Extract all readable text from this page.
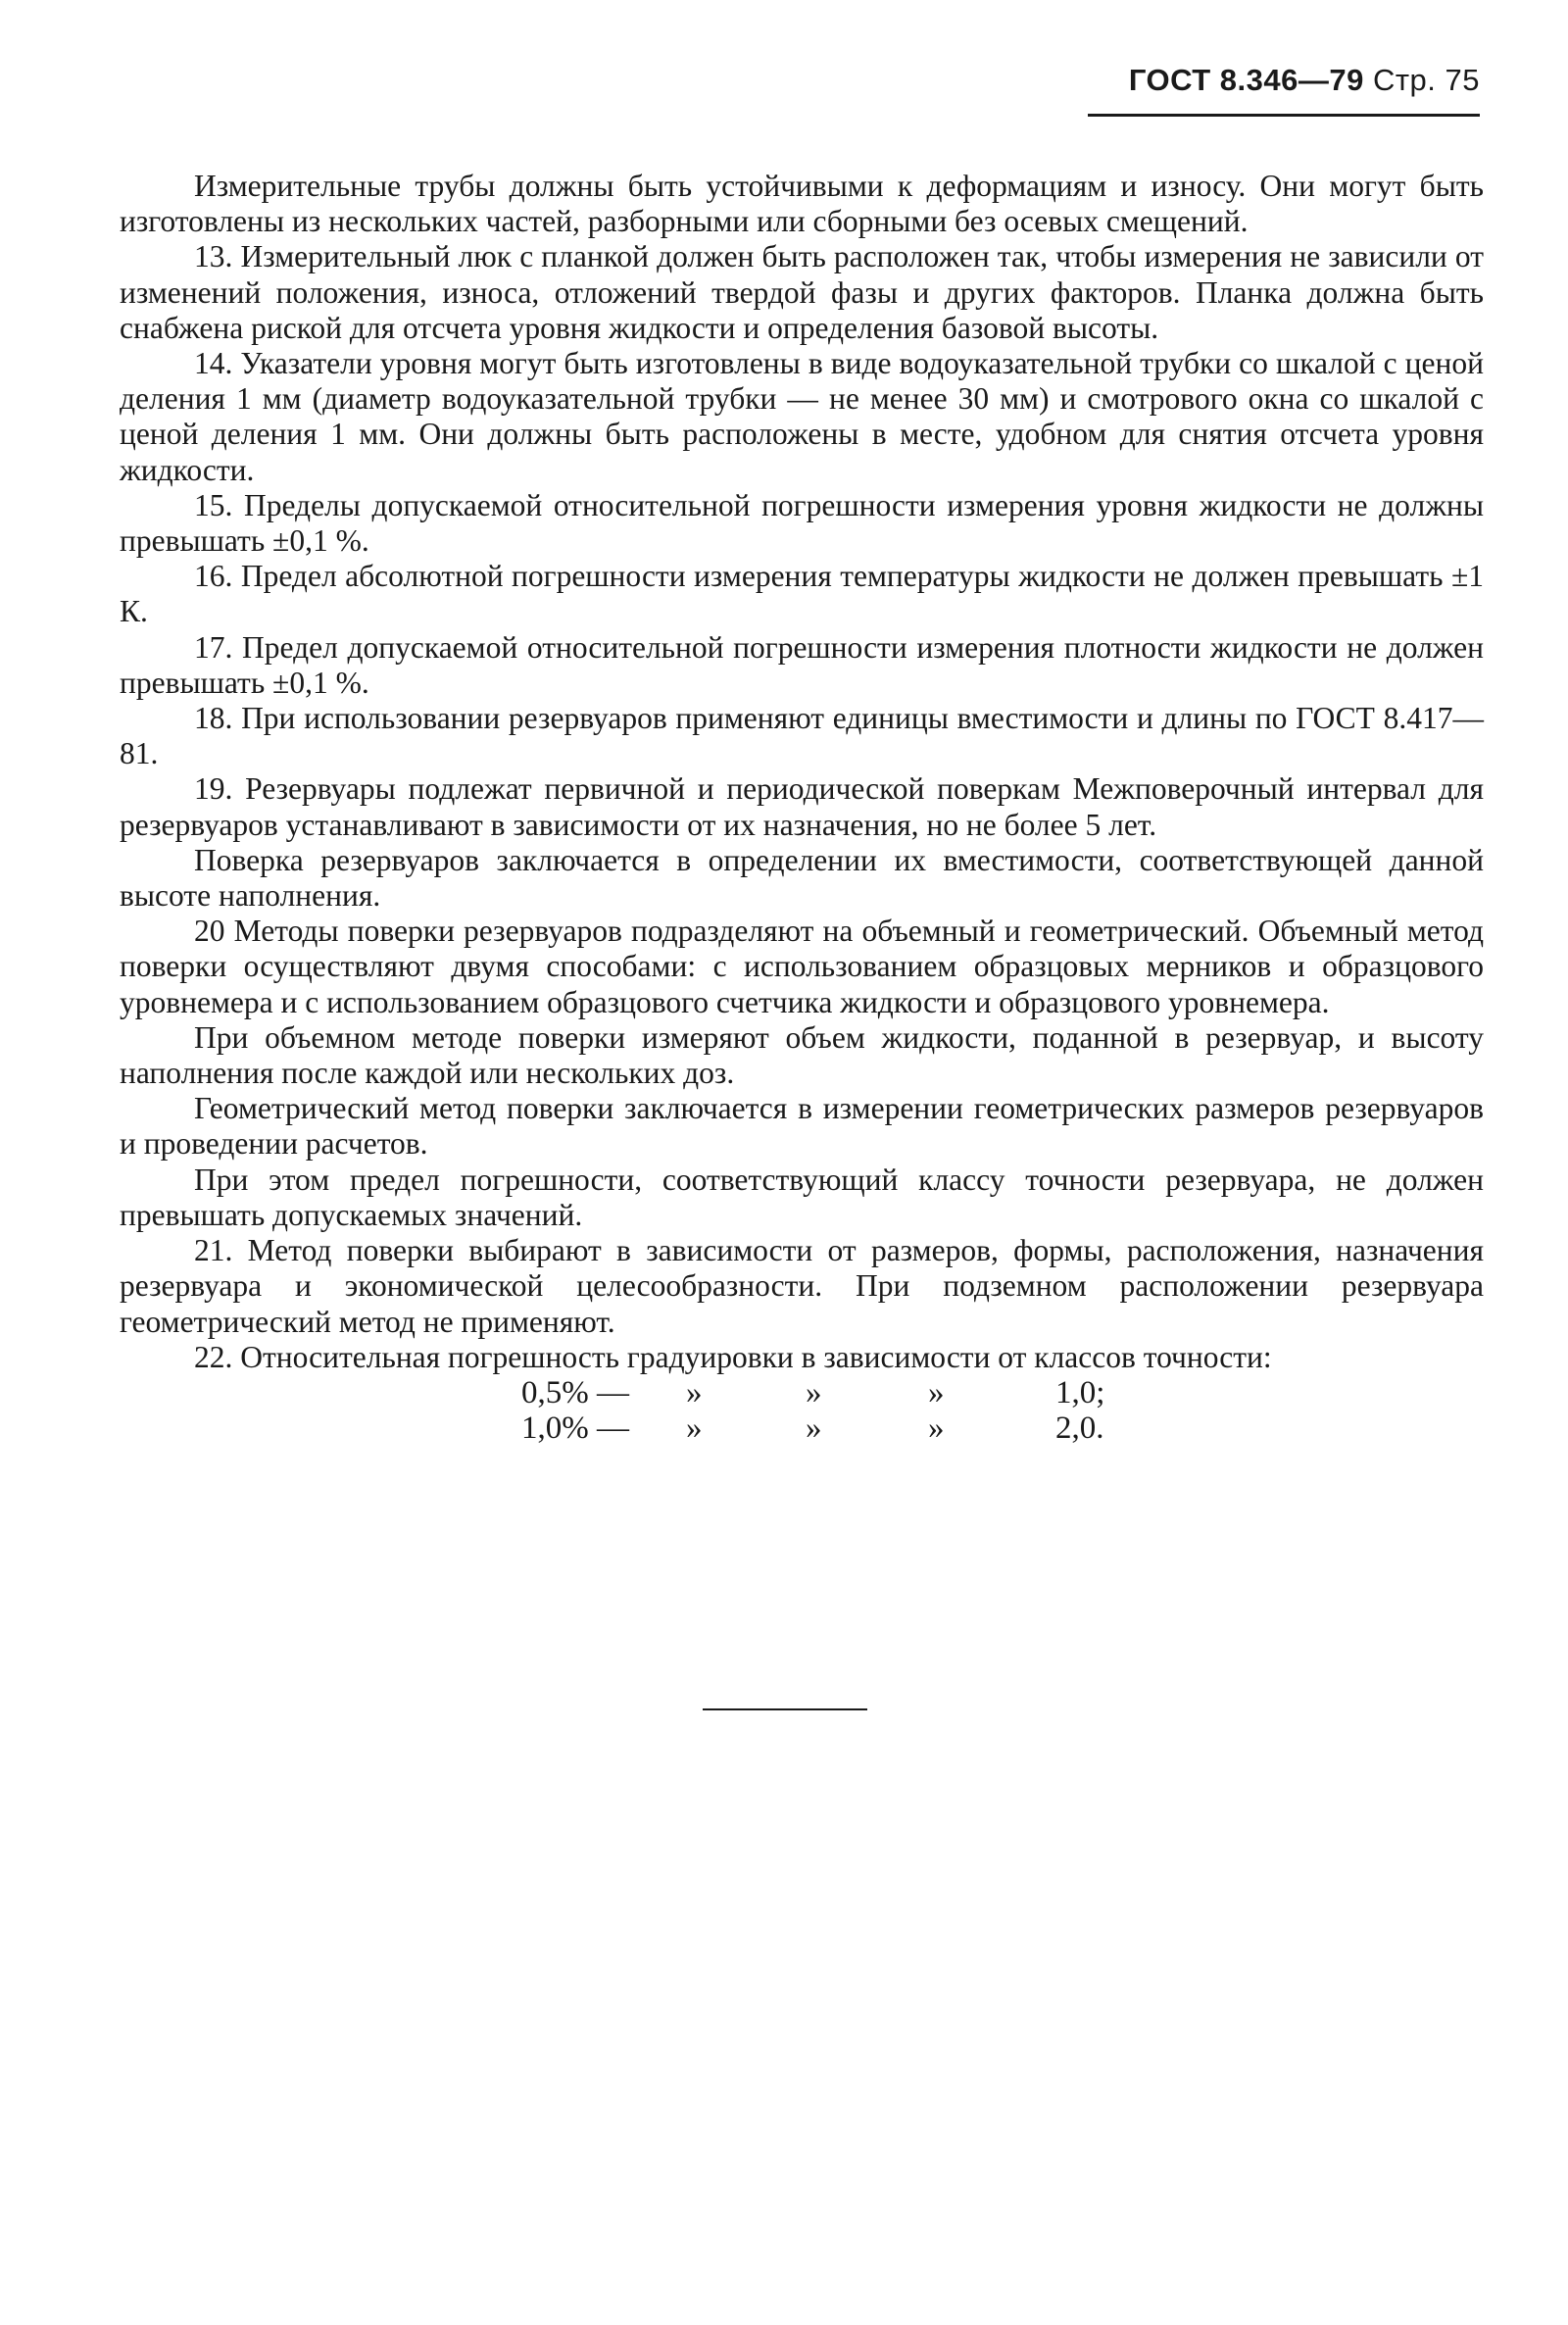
ГОСТ 8.346—79 Стр. 75

Измерительные трубы должны быть устойчивыми к деформациям и износу. Они могут быть изготовлены из нескольких частей, разборными или сборными без осевых смещений.

13. Измерительный люк с планкой должен быть расположен так, чтобы измерения не зависили от изменений положения, износа, отложений твердой фазы и других факторов. Планка должна быть снабжена риской для отсчета уровня жидкости и определения базовой высоты.

14. Указатели уровня могут быть изготовлены в виде водоуказательной трубки со шкалой с ценой деления 1 мм (диаметр водоуказательной трубки — не менее 30 мм) и смотрового окна со шкалой с ценой деления 1 мм. Они должны быть расположены в месте, удобном для снятия отсчета уровня жидкости.

15. Пределы допускаемой относительной погрешности измерения уровня жидкости не должны превышать ±0,1 %.

16. Предел абсолютной погрешности измерения температуры жидкости не должен превышать ±1 К.

17. Предел допускаемой относительной погрешности измерения плотности жидкости не должен превышать ±0,1 %.

18. При использовании резервуаров применяют единицы вместимости и длины по ГОСТ 8.417—81.

19. Резервуары подлежат первичной и периодической поверкам Межповерочный интервал для резервуаров устанавливают в зависимости от их назначения, но не более 5 лет.

Поверка резервуаров заключается в определении их вместимости, соответствующей данной высоте наполнения.

20 Методы поверки резервуаров подразделяют на объемный и геометрический. Объемный метод поверки осуществляют двумя способами: с использованием образцовых мерников и образцового уровнемера и с использованием образцового счетчика жидкости и образцового уровнемера.

При объемном методе поверки измеряют объем жидкости, поданной в резервуар, и высоту наполнения после каждой или нескольких доз.

Геометрический метод поверки заключается в измерении геометрических размеров резервуаров и проведении расчетов.

При этом предел погрешности, соответствующий классу точности резервуара, не должен превышать допускаемых значений.

21. Метод поверки выбирают в зависимости от размеров, формы, расположения, назначения резервуара и экономической целесообразности. При подземном расположении резервуара геометрический метод не применяют.

22. Относительная погрешность градуировки в зависимости от классов точности:

0,5% — »	»	»	1,0;
1,0% — »	»	»	2,0.
